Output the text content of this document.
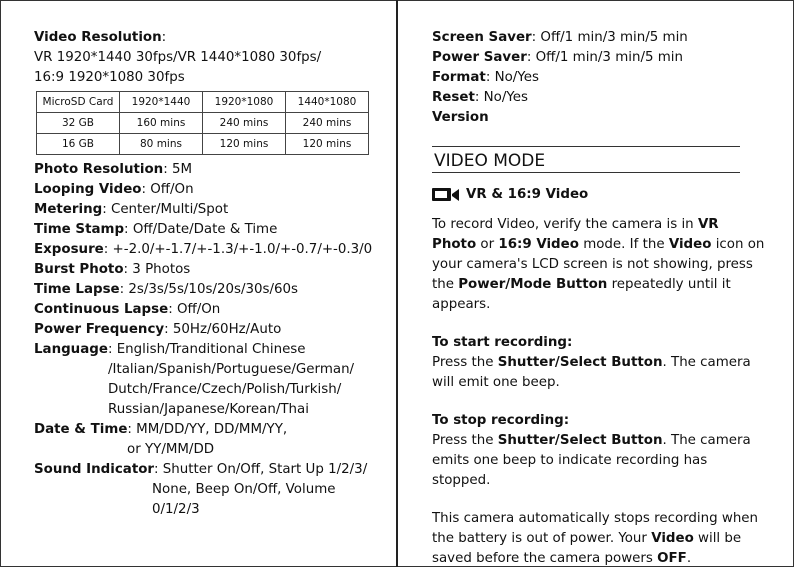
Video Resolution:
VR 1920*1440 30fps/VR 1440*1080 30fps/
16:9 1920*1080 30fps
MicroSD Card	1920*1440	1920*1080	1440*1080
32 GB	160 mins	240 mins	240 mins
16 GB	80 mins	120 mins	120 mins
Photo Resolution: 5M
Looping Video: Off/On
Metering: Center/Multi/Spot
Time Stamp: Off/Date/Date & Time
Exposure: +-2.0/+-1.7/+-1.3/+-1.0/+-0.7/+-0.3/0
Burst Photo: 3 Photos
Time Lapse: 2s/3s/5s/10s/20s/30s/60s
Continuous Lapse: Off/On
Power Frequency: 50Hz/60Hz/Auto
Language: English/Tranditional Chinese
/Italian/Spanish/Portuguese/German/
Dutch/France/Czech/Polish/Turkish/
Russian/Japanese/Korean/Thai
Date & Time: MM/DD/YY, DD/MM/YY,
or YY/MM/DD
Sound Indicator: Shutter On/Off, Start Up 1/2/3/
None, Beep On/Off, Volume
0/1/2/3
Screen Saver: Off/1 min/3 min/5 min
Power Saver: Off/1 min/3 min/5 min
Format: No/Yes
Reset: No/Yes
Version
VIDEO MODE
VR & 16:9 Video
To record Video, verify the camera is in VR Photo or 16:9 Video mode. If the Video icon on your camera's LCD screen is not showing, press the Power/Mode Button repeatedly until it appears.
To start recording:
Press the Shutter/Select Button. The camera will emit one beep.
To stop recording:
Press the Shutter/Select Button. The camera emits one beep to indicate recording has stopped.
This camera automatically stops recording when the battery is out of power. Your Video will be saved before the camera powers OFF.
